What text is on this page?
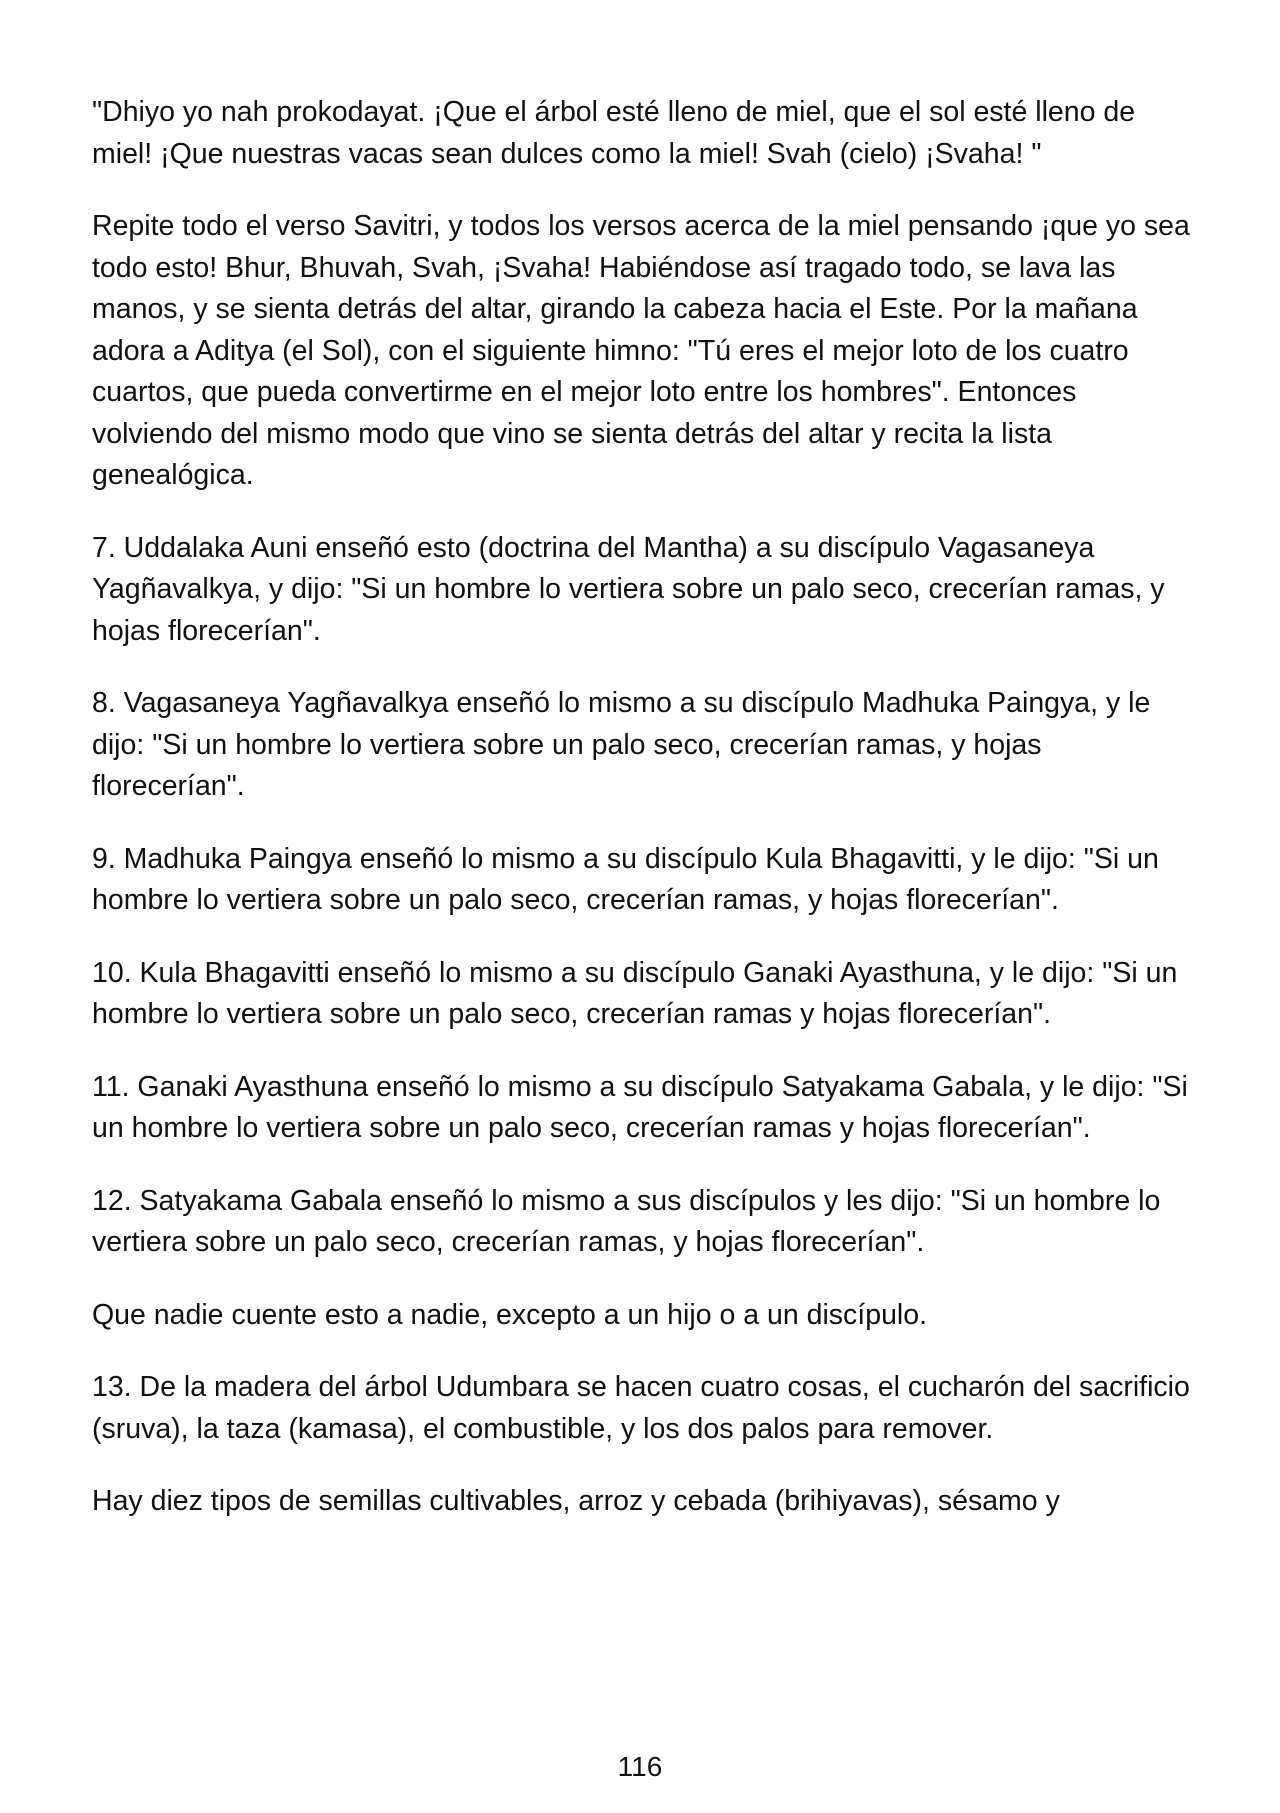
"Dhiyo yo nah prokodayat. ¡Que el árbol esté lleno de miel, que el sol esté lleno de miel! ¡Que nuestras vacas sean dulces como la miel! Svah (cielo) ¡Svaha! "

Repite todo el verso Savitri, y todos los versos acerca de la miel pensando ¡que yo sea todo esto! Bhur, Bhuvah, Svah, ¡Svaha! Habiéndose así tragado todo, se lava las manos, y se sienta detrás del altar, girando la cabeza hacia el Este. Por la mañana adora a Aditya (el Sol), con el siguiente himno: "Tú eres el mejor loto de los cuatro cuartos, que pueda convertirme en el mejor loto entre los hombres". Entonces volviendo del mismo modo que vino se sienta detrás del altar y recita la lista genealógica.

7. Uddalaka Auni enseñó esto (doctrina del Mantha) a su discípulo Vagasaneya Yagñavalkya, y dijo: "Si un hombre lo vertiera sobre un palo seco, crecerían ramas, y hojas florecerían".

8. Vagasaneya Yagñavalkya enseñó lo mismo a su discípulo Madhuka Paingya, y le dijo: "Si un hombre lo vertiera sobre un palo seco, crecerían ramas, y hojas florecerían".

9. Madhuka Paingya enseñó lo mismo a su discípulo Kula Bhagavitti, y le dijo: "Si un hombre lo vertiera sobre un palo seco, crecerían ramas, y hojas florecerían".

10. Kula Bhagavitti enseñó lo mismo a su discípulo Ganaki Ayasthuna, y le dijo: "Si un hombre lo vertiera sobre un palo seco, crecerían ramas y hojas florecerían".

11. Ganaki Ayasthuna enseñó lo mismo a su discípulo Satyakama Gabala, y le dijo: "Si un hombre lo vertiera sobre un palo seco, crecerían ramas y hojas florecerían".

12. Satyakama Gabala enseñó lo mismo a sus discípulos y les dijo: "Si un hombre lo vertiera sobre un palo seco, crecerían ramas, y hojas florecerían".

Que nadie cuente esto a nadie, excepto a un hijo o a un discípulo.

13. De la madera del árbol Udumbara se hacen cuatro cosas, el cucharón del sacrificio (sruva), la taza (kamasa), el combustible, y los dos palos para remover.

Hay diez tipos de semillas cultivables, arroz y cebada (brihiyavas), sésamo y

116
